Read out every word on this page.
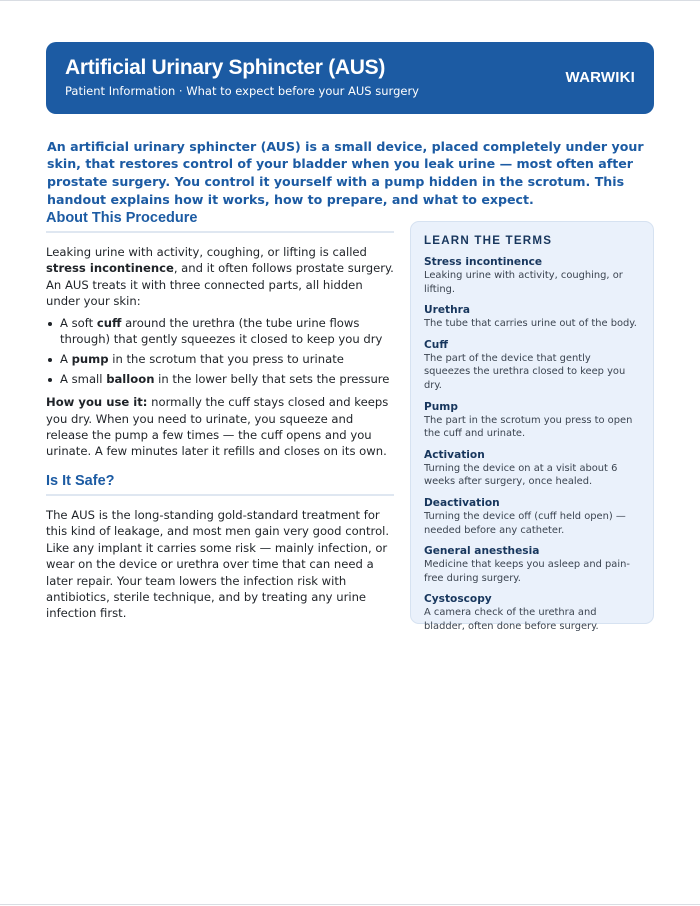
Artificial Urinary Sphincter (AUS)
Patient Information · What to expect before your AUS surgery
WARWIKI

An artificial urinary sphincter (AUS) is a small device, placed completely under your skin, that restores control of your bladder when you leak urine — most often after prostate surgery. You control it yourself with a pump hidden in the scrotum. This handout explains how it works, how to prepare, and what to expect.

About This Procedure

Leaking urine with activity, coughing, or lifting is called stress incontinence, and it often follows prostate surgery. An AUS treats it with three connected parts, all hidden under your skin:

A soft cuff around the urethra (the tube urine flows through) that gently squeezes it closed to keep you dry
A pump in the scrotum that you press to urinate
A small balloon in the lower belly that sets the pressure

How you use it: normally the cuff stays closed and keeps you dry. When you need to urinate, you squeeze and release the pump a few times — the cuff opens and you urinate. A few minutes later it refills and closes on its own.

Is It Safe?

The AUS is the long-standing gold-standard treatment for this kind of leakage, and most men gain very good control. Like any implant it carries some risk — mainly infection, or wear on the device or urethra over time that can need a later repair. Your team lowers the infection risk with antibiotics, sterile technique, and by treating any urine infection first.

LEARN THE TERMS
Stress incontinence
Leaking urine with activity, coughing, or lifting.
Urethra
The tube that carries urine out of the body.
Cuff
The part of the device that gently squeezes the urethra closed to keep you dry.
Pump
The part in the scrotum you press to open the cuff and urinate.
Activation
Turning the device on at a visit about 6 weeks after surgery, once healed.
Deactivation
Turning the device off (cuff held open) — needed before any catheter.
General anesthesia
Medicine that keeps you asleep and pain-free during surgery.
Cystoscopy
A camera check of the urethra and bladder, often done before surgery.
